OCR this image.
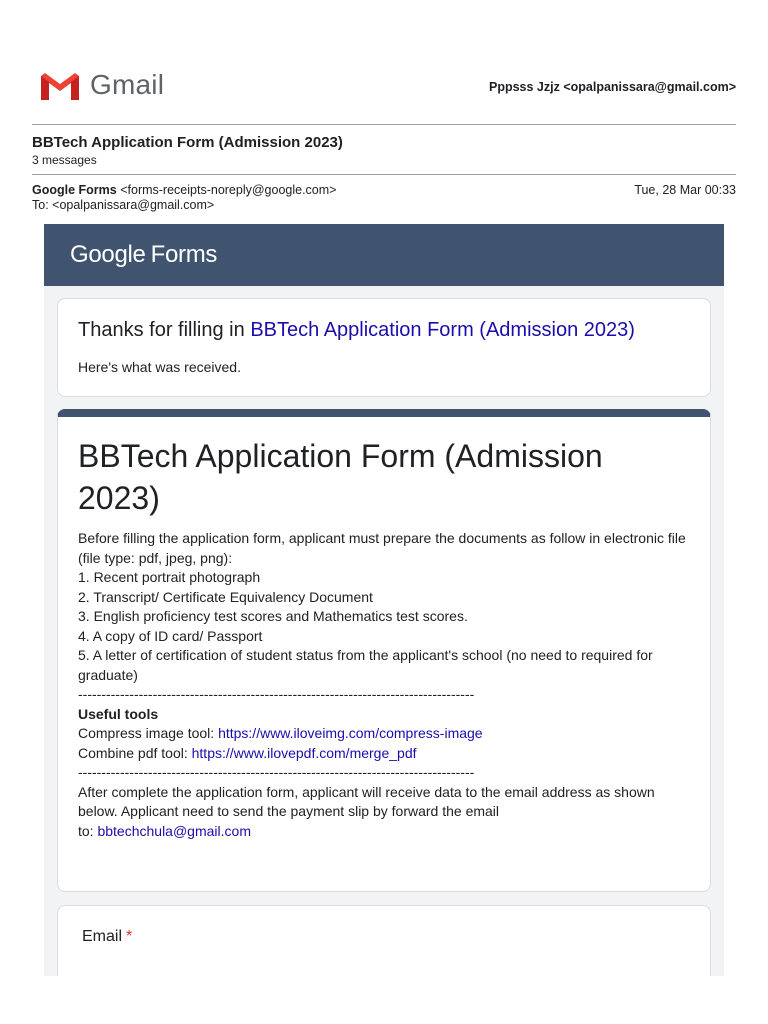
Gmail	Pppsss Jzjz <opalpanissara@gmail.com>
BBTech Application Form (Admission 2023)
3 messages
Google Forms <forms-receipts-noreply@google.com>
To: <opalpanissara@gmail.com>
Tue, 28 Mar 00:33
Google Forms
Thanks for filling in BBTech Application Form (Admission 2023)
Here's what was received.
BBTech Application Form (Admission 2023)
Before filling the application form, applicant must prepare the documents as follow in electronic file
(file type: pdf, jpeg, png):
1. Recent portrait photograph
2. Transcript/ Certificate Equivalency Document
3. English proficiency test scores and Mathematics test scores.
4. A copy of ID card/ Passport
5. A letter of certification of student status from the applicant's school (no need to required for graduate)
-------------------------------------------------------------------------------------
Useful tools
Compress image tool: https://www.iloveimg.com/compress-image
Combine pdf tool: https://www.ilovepdf.com/merge_pdf
-------------------------------------------------------------------------------------
After complete the application form, applicant will receive data to the email address as shown below. Applicant need to send the payment slip by forward the email
to: bbtechchula@gmail.com
Email *
